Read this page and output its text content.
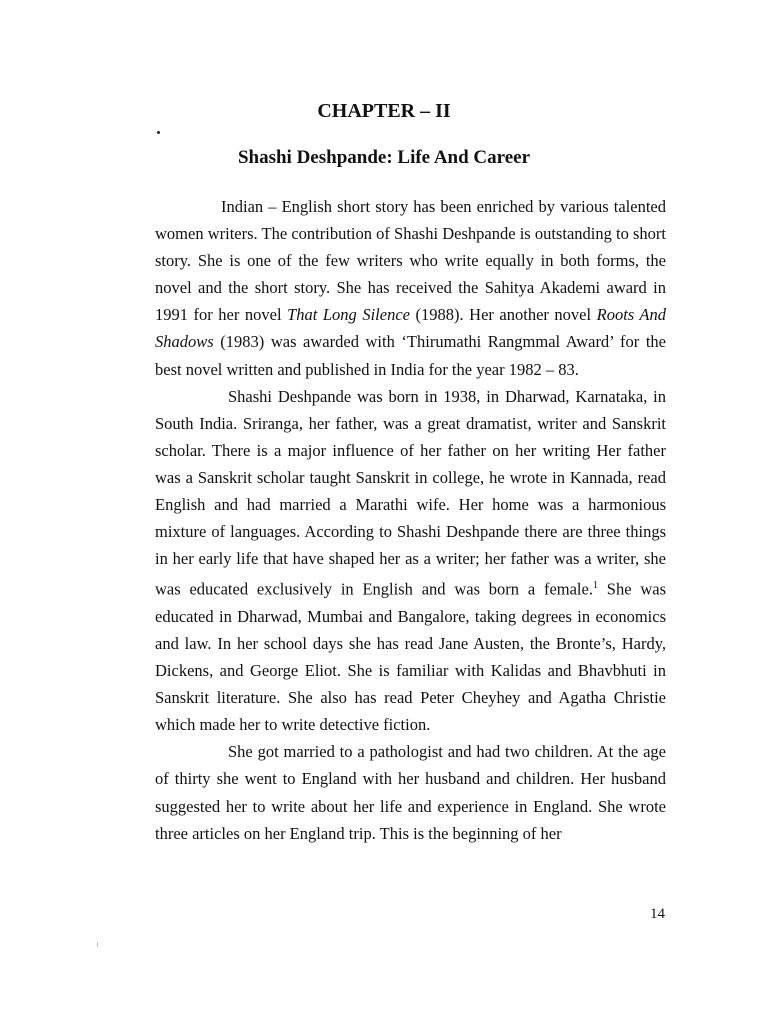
CHAPTER – II
Shashi Deshpande: Life And Career

Indian – English short story has been enriched by various talented women writers. The contribution of Shashi Deshpande is outstanding to short story. She is one of the few writers who write equally in both forms, the novel and the short story. She has received the Sahitya Akademi award in 1991 for her novel That Long Silence (1988). Her another novel Roots And Shadows (1983) was awarded with ‘Thirumathi Rangmmal Award’ for the best novel written and published in India for the year 1982 – 83.

Shashi Deshpande was born in 1938, in Dharwad, Karnataka, in South India. Sriranga, her father, was a great dramatist, writer and Sanskrit scholar. There is a major influence of her father on her writing Her father was a Sanskrit scholar taught Sanskrit in college, he wrote in Kannada, read English and had married a Marathi wife. Her home was a harmonious mixture of languages. According to Shashi Deshpande there are three things in her early life that have shaped her as a writer; her father was a writer, she was educated exclusively in English and was born a female.$^1$ She was educated in Dharwad, Mumbai and Bangalore, taking degrees in economics and law. In her school days she has read Jane Austen, the Bronte’s, Hardy, Dickens, and George Eliot. She is familiar with Kalidas and Bhavbhuti in Sanskrit literature. She also has read Peter Cheyhey and Agatha Christie which made her to write detective fiction.

She got married to a pathologist and had two children. At the age of thirty she went to England with her husband and children. Her husband suggested her to write about her life and experience in England. She wrote three articles on her England trip. This is the beginning of her

14
